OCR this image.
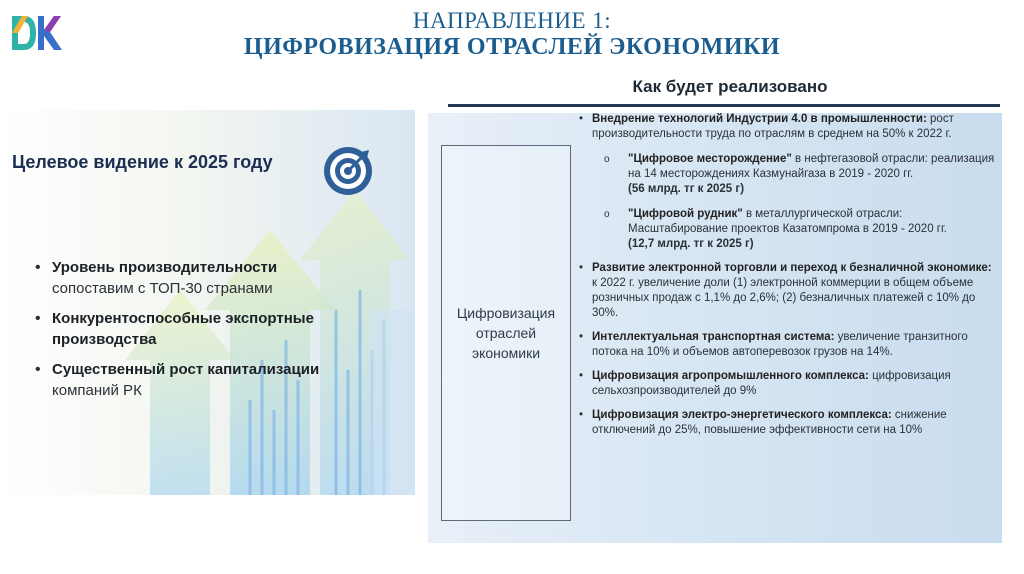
НАПРАВЛЕНИЕ 1:
ЦИФРОВИЗАЦИЯ ОТРАСЛЕЙ ЭКОНОМИКИ
Целевое видение к 2025 году
• Уровень производительности
сопоставим с ТОП-30 странами
• Конкурентоспособные экспортные производства
• Существенный рост капитализации компаний РК
Как будет реализовано
Цифровизация отраслей экономики
• Внедрение технологий Индустрии 4.0 в промышленности: рост производительности труда по отраслям в среднем на 50% к 2022 г.
o "Цифровое месторождение" в нефтегазовой отрасли: реализация на 14 месторождениях Казмунайгаза в 2019 - 2020 гг.
(56 млрд. тг к 2025 г)
o "Цифровой рудник" в металлургической отрасли: Масштабирование проектов Казатомпрома в 2019 - 2020 гг.
(12,7 млрд. тг к 2025 г)
• Развитие электронной торговли и переход к безналичной экономике: к 2022 г. увеличение доли (1) электронной коммерции в общем объеме розничных продаж с 1,1% до 2,6%; (2) безналичных платежей с 10% до 30%.
• Интеллектуальная транспортная система: увеличение транзитного потока на 10% и объемов автоперевозок грузов на 14%.
• Цифровизация агропромышленного комплекса: цифровизация сельхозпроизводителей до 9%
• Цифровизация электро-энергетического комплекса: снижение отключений до 25%, повышение эффективности сети на 10%
